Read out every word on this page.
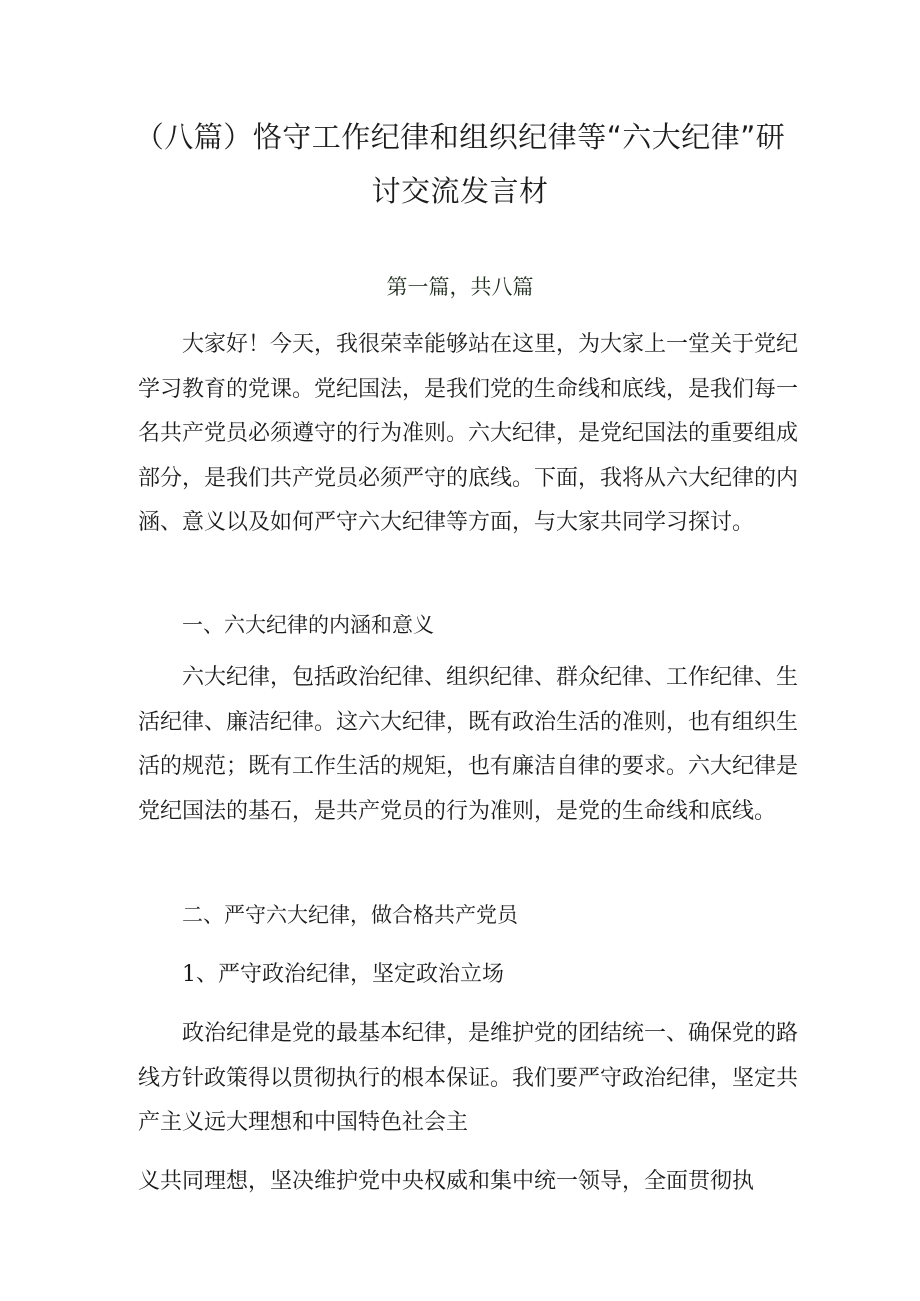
（八篇）恪守工作纪律和组织纪律等“六大纪律”研讨交流发言材
第一篇，共八篇
大家好！今天，我很荣幸能够站在这里，为大家上一堂关于党纪学习教育的党课。党纪国法，是我们党的生命线和底线，是我们每一名共产党员必须遵守的行为准则。六大纪律，是党纪国法的重要组成部分，是我们共产党员必须严守的底线。下面，我将从六大纪律的内涵、意义以及如何严守六大纪律等方面，与大家共同学习探讨。
一、六大纪律的内涵和意义
六大纪律，包括政治纪律、组织纪律、群众纪律、工作纪律、生活纪律、廉洁纪律。这六大纪律，既有政治生活的准则，也有组织生活的规范；既有工作生活的规矩，也有廉洁自律的要求。六大纪律是党纪国法的基石，是共产党员的行为准则，是党的生命线和底线。
二、严守六大纪律，做合格共产党员
1、严守政治纪律，坚定政治立场
政治纪律是党的最基本纪律，是维护党的团结统一、确保党的路线方针政策得以贯彻执行的根本保证。我们要严守政治纪律，坚定共产主义远大理想和中国特色社会主
义共同理想，坚决维护党中央权威和集中统一领导，全面贯彻执
